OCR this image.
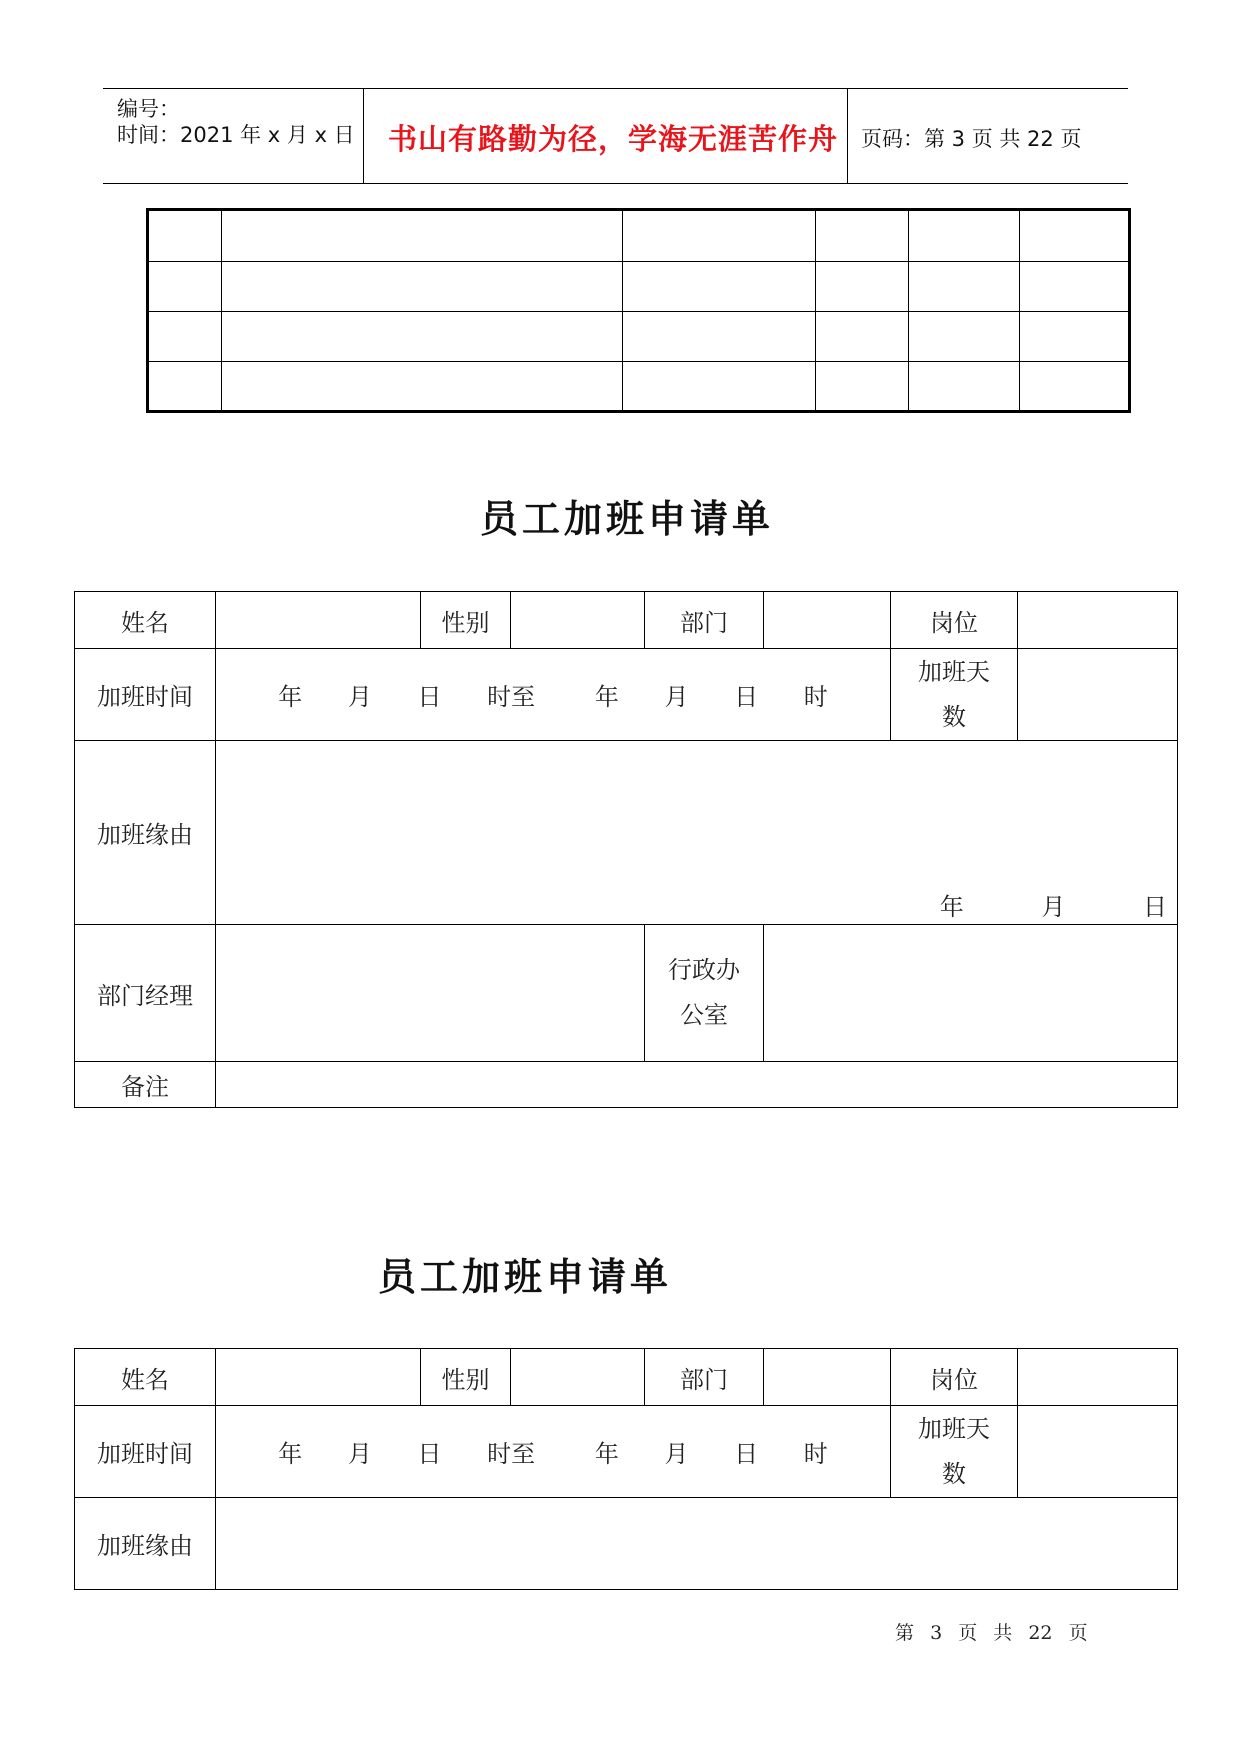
编号：
时间：2021 年 x 月 x 日 书山有路勤为径，学海无涯苦作舟 页码：第 3 页 共 22 页

员工加班申请单
姓名		性别		部门		岗位	
加班时间	年 月 日 时至 年 月 日 时					加班天数	
加班缘由	年 月 日						

部门经理				行政办公室			
备注							
员工加班申请单
姓名		性别		部门		岗位	
加班时间	年 月 日 时至 年 月 日 时					加班天数	
加班缘由							
第 3 页 共 22 页
